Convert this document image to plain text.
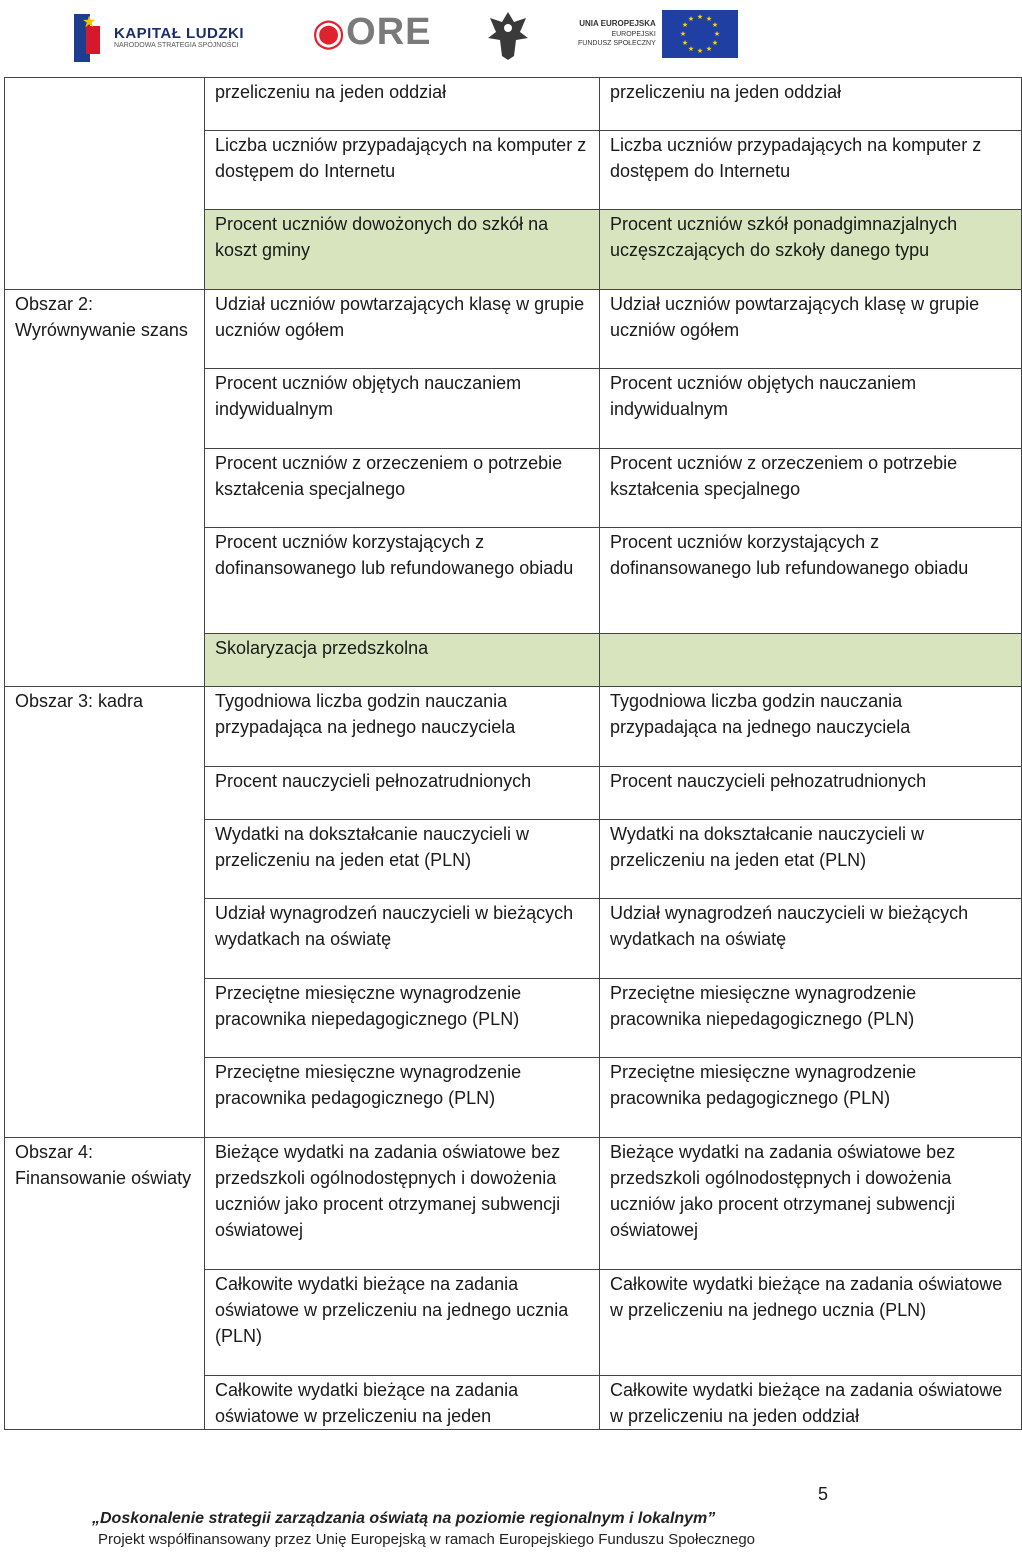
★
KAPITAŁ LUDZKI
NARODOWA STRATEGIA SPÓJNOŚCI ◉ ORE	UNIA EUROPEJSKA
EUROPEJSKI
FUNDUSZ SPOŁECZNY
★ ★
★
★
★
★
★
★
★
★
★
★
	przeliczeniu na jeden oddział	przeliczeniu na jeden oddział
	Liczba uczniów przypadających na komputer z dostępem do Internetu	Liczba uczniów przypadających na komputer z dostępem do Internetu
	Procent uczniów dowożonych do szkół na koszt gminy	Procent uczniów szkół ponadgimnazjalnych uczęszczających do szkoły danego typu
Obszar 2: Wyrównywanie szans	Udział uczniów powtarzających klasę w grupie uczniów ogółem	Udział uczniów powtarzających klasę w grupie uczniów ogółem
	Procent uczniów objętych nauczaniem indywidualnym	Procent uczniów objętych nauczaniem indywidualnym
	Procent uczniów z orzeczeniem o potrzebie kształcenia specjalnego	Procent uczniów z orzeczeniem o potrzebie kształcenia specjalnego
	Procent uczniów korzystających z dofinansowanego lub refundowanego obiadu	Procent uczniów korzystających z dofinansowanego lub refundowanego obiadu
	Skolaryzacja przedszkolna	
Obszar 3: kadra	Tygodniowa liczba godzin nauczania przypadająca na jednego nauczyciela	Tygodniowa liczba godzin nauczania przypadająca na jednego nauczyciela
	Procent nauczycieli pełnozatrudnionych	Procent nauczycieli pełnozatrudnionych
	Wydatki na dokształcanie nauczycieli w przeliczeniu na jeden etat (PLN)	Wydatki na dokształcanie nauczycieli w przeliczeniu na jeden etat (PLN)
	Udział wynagrodzeń nauczycieli w bieżących wydatkach na oświatę	Udział wynagrodzeń nauczycieli w bieżących wydatkach na oświatę
	Przeciętne miesięczne wynagrodzenie pracownika niepedagogicznego (PLN)	Przeciętne miesięczne wynagrodzenie pracownika niepedagogicznego (PLN)
	Przeciętne miesięczne wynagrodzenie pracownika pedagogicznego (PLN)	Przeciętne miesięczne wynagrodzenie pracownika pedagogicznego (PLN)
Obszar 4: Finansowanie oświaty	Bieżące wydatki na zadania oświatowe bez przedszkoli ogólnodostępnych i dowożenia uczniów jako procent otrzymanej subwencji oświatowej	Bieżące wydatki na zadania oświatowe bez przedszkoli ogólnodostępnych i dowożenia uczniów jako procent otrzymanej subwencji oświatowej
	Całkowite wydatki bieżące na zadania oświatowe w przeliczeniu na jednego ucznia (PLN)	Całkowite wydatki bieżące na zadania oświatowe w przeliczeniu na jednego ucznia (PLN)
	Całkowite wydatki bieżące na zadania oświatowe w przeliczeniu na jeden	Całkowite wydatki bieżące na zadania oświatowe w przeliczeniu na jeden oddział
5
„Doskonalenie strategii zarządzania oświatą na poziomie regionalnym i lokalnym”
Projekt współfinansowany przez Unię Europejską w ramach Europejskiego Funduszu Społecznego
